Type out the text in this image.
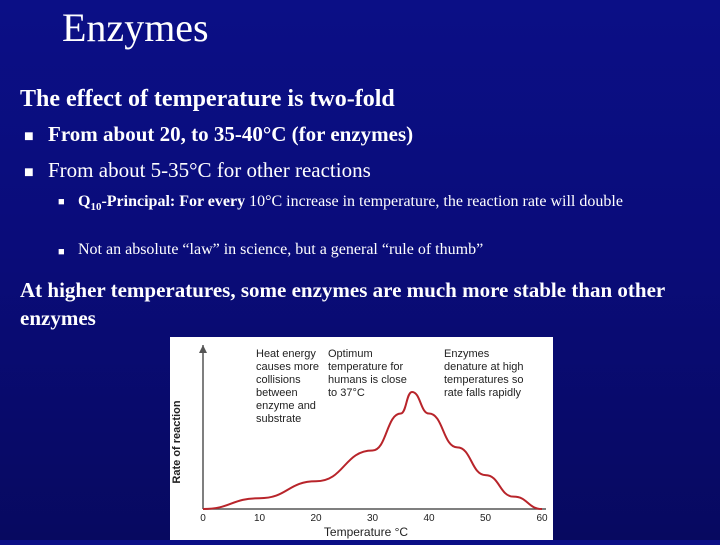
Enzymes
The effect of temperature is two-fold
■ From about 20, to 35-40°C (for enzymes)
■ From about 5-35°C for other reactions
■ $Q_{10}$-Principal: For every 10°C increase in temperature, the reaction rate will double
■ Not an absolute “law” in science, but a general “rule of thumb”
At higher temperatures, some enzymes are much more stable than other enzymes
Rate of reaction
Temperature °C
Heat energy causes more collisions between enzyme and substrate
Optimum temperature for humans is close to 37°C
Enzymes denature at high temperatures so rate falls rapidly
0	10	20	30	40	50	60
